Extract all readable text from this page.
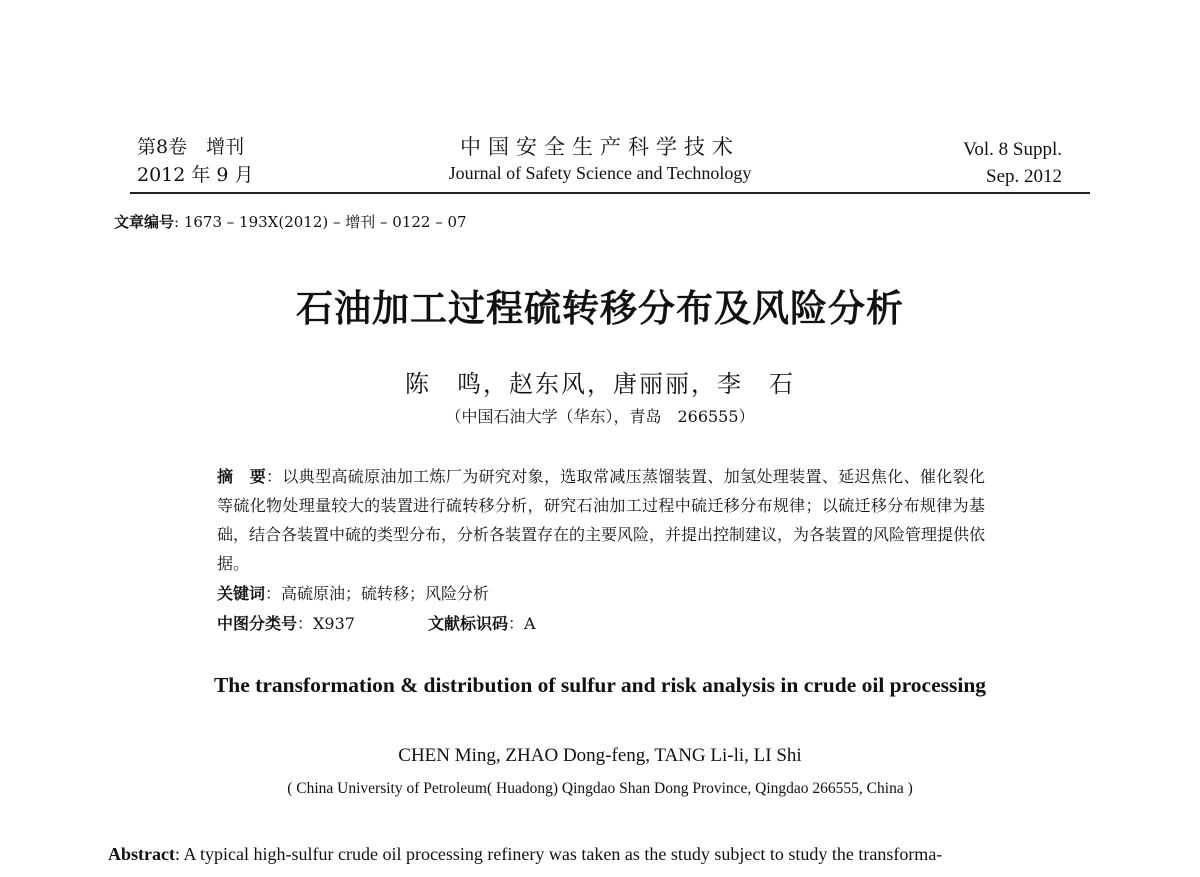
第8卷　增刊
2012 年 9 月
中国安全生产科学技术
Journal of Safety Science and Technology
Vol. 8 Suppl.
Sep. 2012
文章编号: 1673 – 193X(2012) – 增刊 – 0122 – 07
石油加工过程硫转移分布及风险分析
陈　鸣，赵东风，唐丽丽，李　石
（中国石油大学（华东），青岛　266555）

摘　要：以典型高硫原油加工炼厂为研究对象，选取常减压蒸馏装置、加氢处理装置、延迟焦化、催化裂化等硫化物处理量较大的装置进行硫转移分析，研究石油加工过程中硫迁移分布规律；以硫迁移分布规律为基础，结合各装置中硫的类型分布，分析各装置存在的主要风险，并提出控制建议，为各装置的风险管理提供依据。

关键词：高硫原油；硫转移；风险分析
中图分类号：X937	文献标识码：A
The transformation & distribution of sulfur and risk analysis in crude oil processing
CHEN Ming, ZHAO Dong-feng, TANG Li-li, LI Shi
( China University of Petroleum( Huadong) Qingdao Shan Dong Province, Qingdao 266555, China )

Abstract: A typical high-sulfur crude oil processing refinery was taken as the study subject to study the transforma-
